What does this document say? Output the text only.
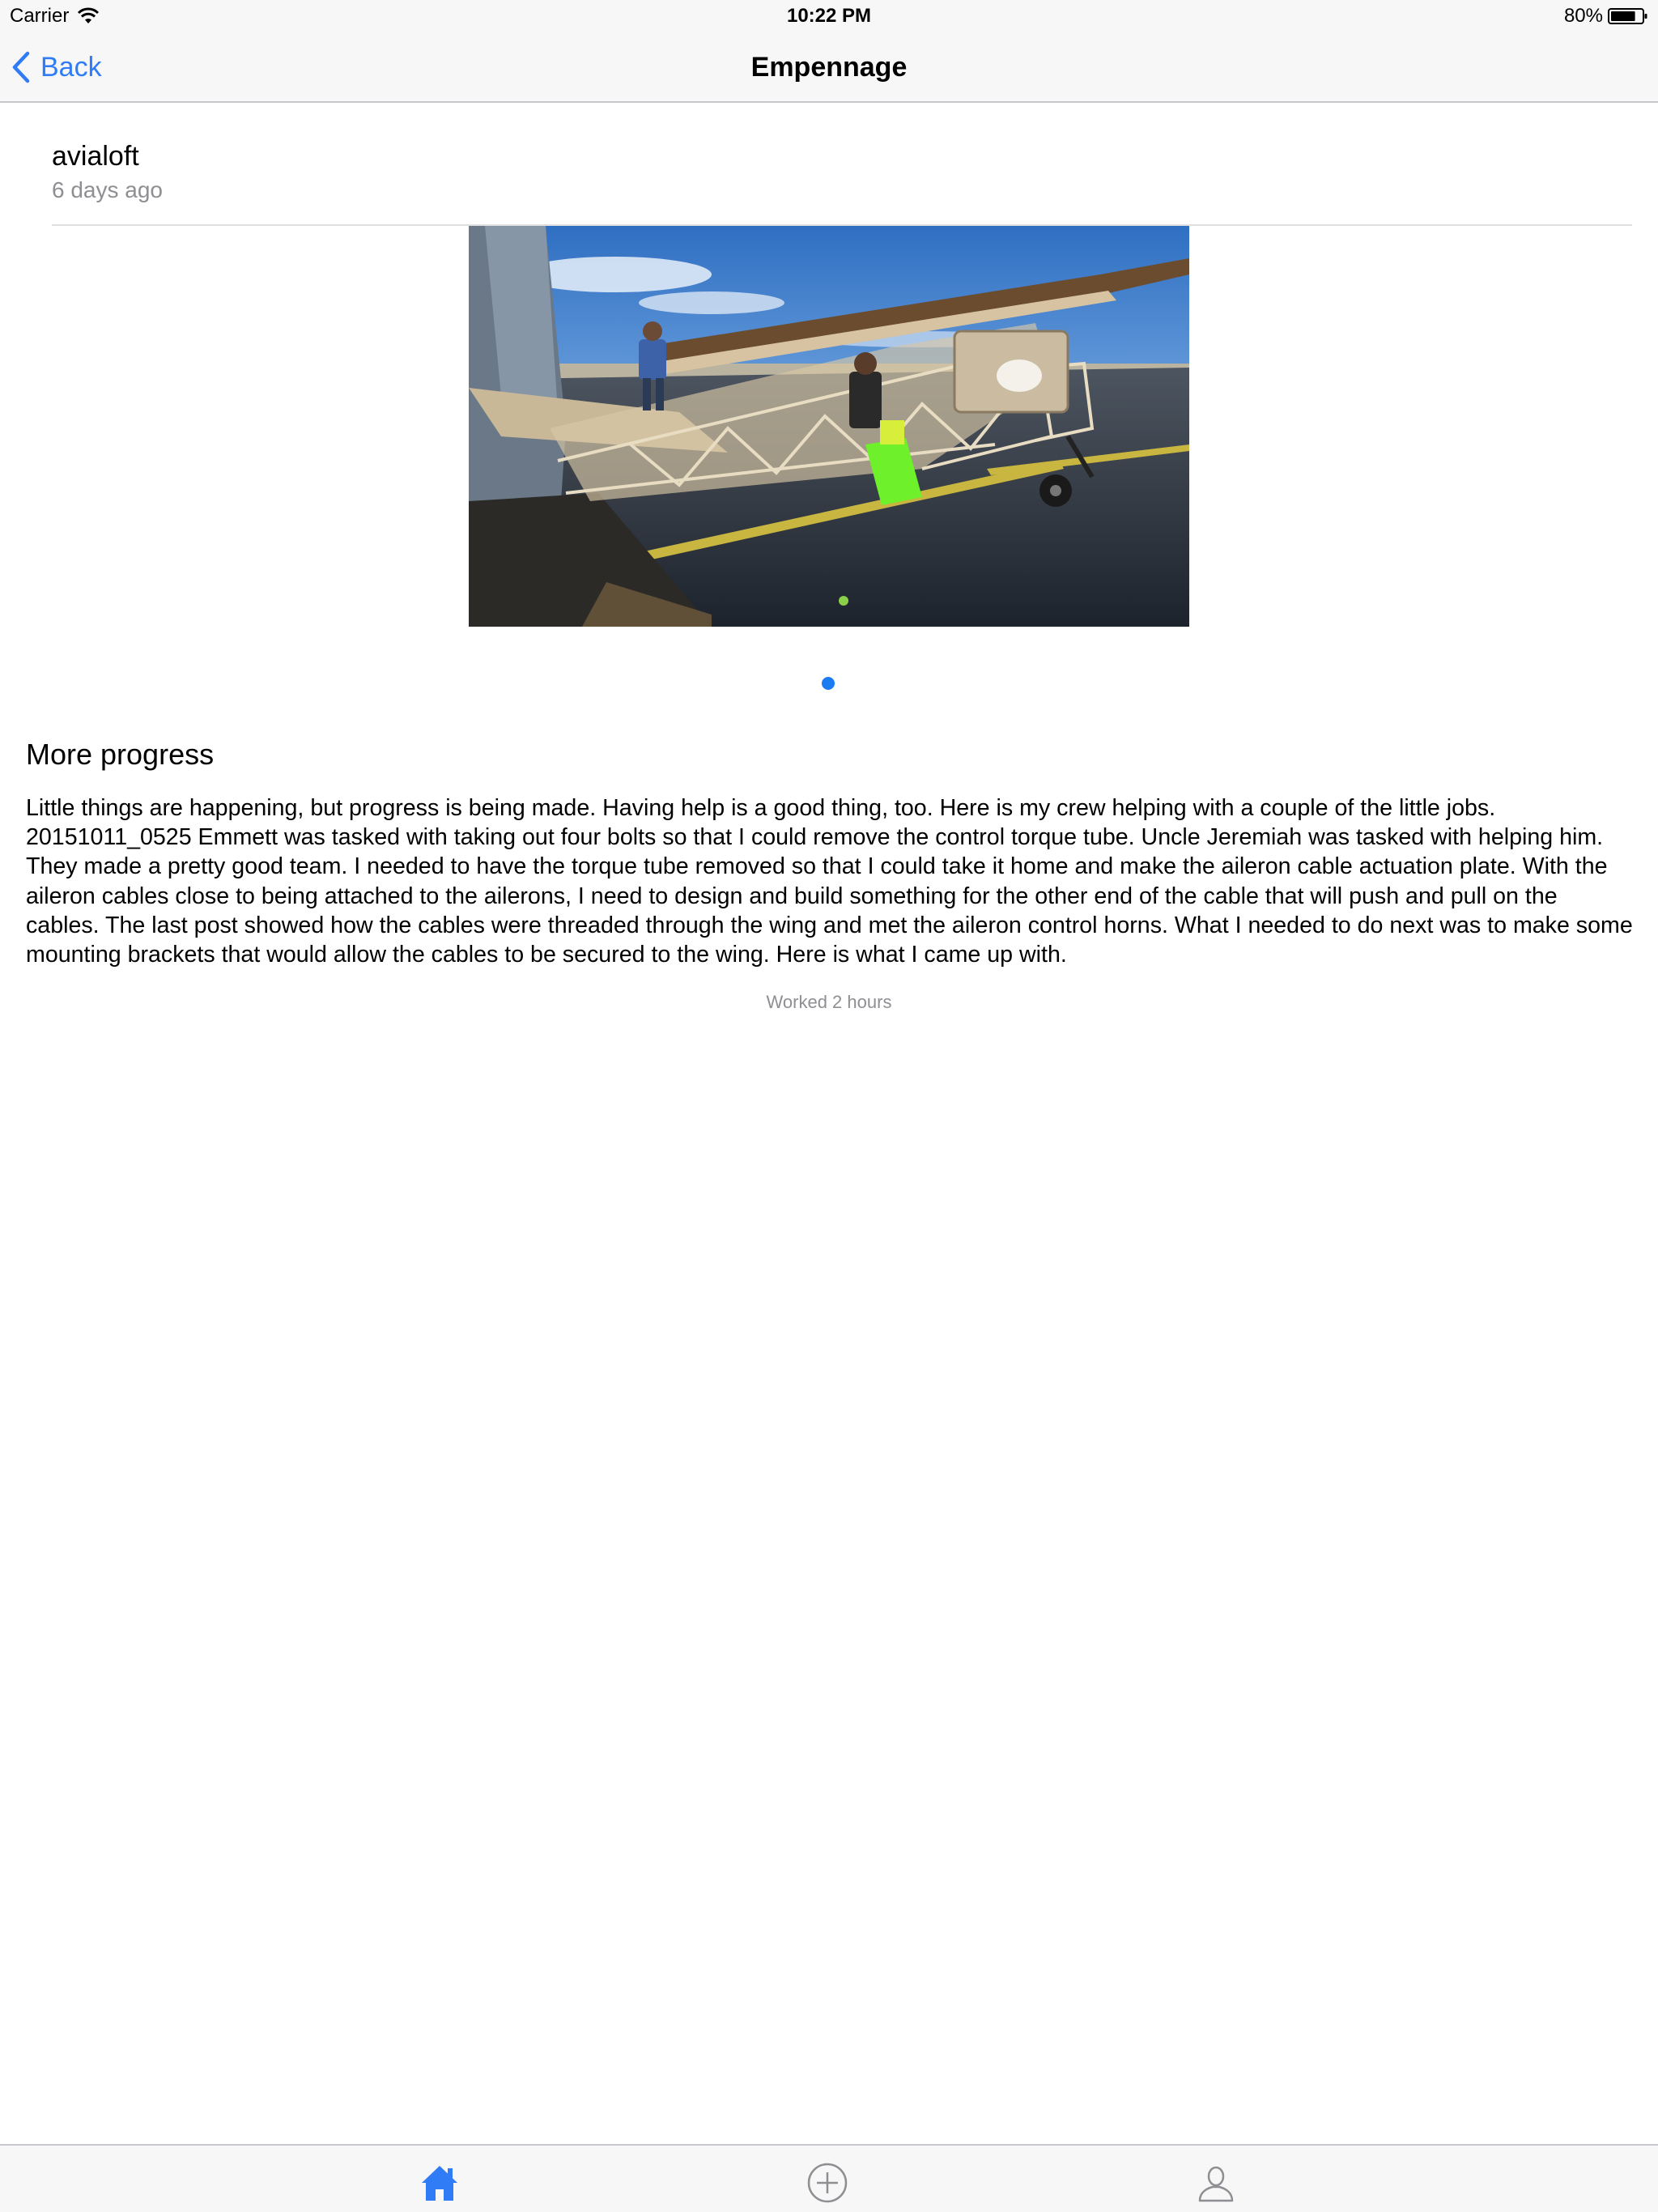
Carrier	10:22 PM	80%
Back	Empennage
avialoft
6 days ago
More progress
Little things are happening, but progress is being made. Having help is a good thing, too. Here is my crew helping with a couple of the little jobs. 20151011_0525 Emmett was tasked with taking out four bolts so that I could remove the control torque tube. Uncle Jeremiah was tasked with helping him. They made a pretty good team. I needed to have the torque tube removed so that I could take it home and make the aileron cable actuation plate. With the aileron cables close to being attached to the ailerons, I need to design and build something for the other end of the cable that will push and pull on the cables. The last post showed how the cables were threaded through the wing and met the aileron control horns. What I needed to do next was to make some mounting brackets that would allow the cables to be secured to the wing. Here is what I came up with.
Worked 2 hours
